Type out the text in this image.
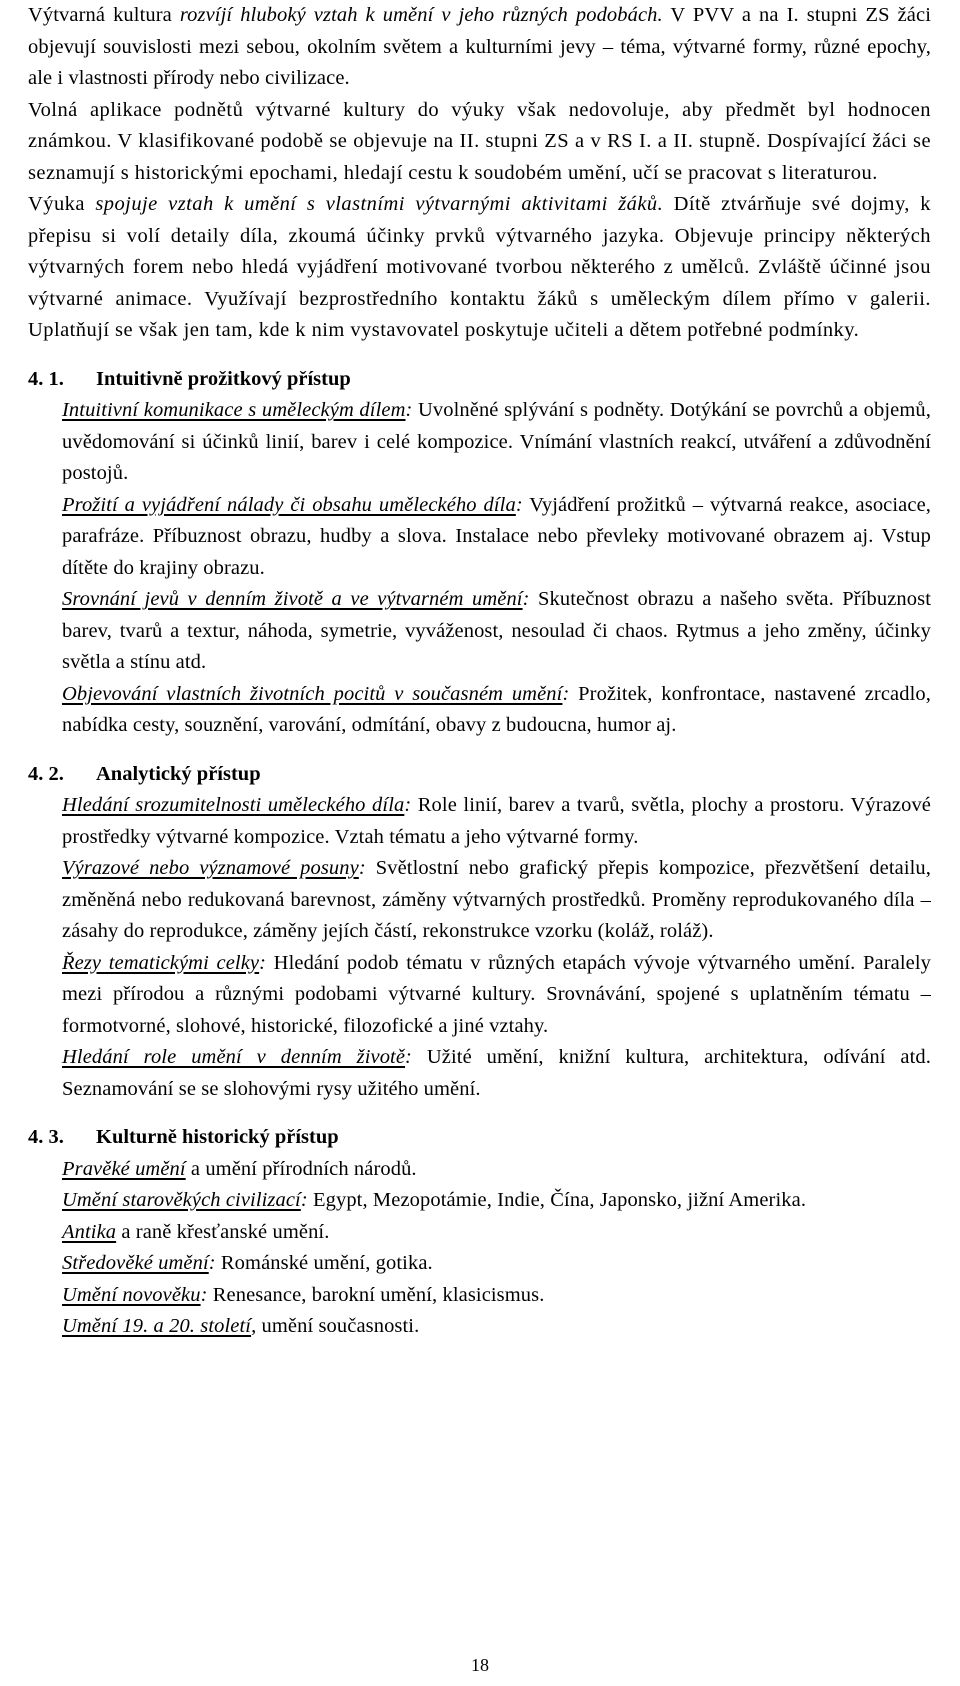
Výtvarná kultura rozvíjí hluboký vztah k umění v jeho různých podobách. V PVV a na I. stupni ZS žáci objevují souvislosti mezi sebou, okolním světem a kulturními jevy – téma, výtvarné formy, různé epochy, ale i vlastnosti přírody nebo civilizace.

Volná aplikace podnětů výtvarné kultury do výuky však nedovoluje, aby předmět byl hodnocen známkou. V klasifikované podobě se objevuje na II. stupni ZS a v RS I. a II. stupně. Dospívající žáci se seznamují s historickými epochami, hledají cestu k soudobém umění, učí se pracovat s literaturou.

Výuka spojuje vztah k umění s vlastními výtvarnými aktivitami žáků. Dítě ztvárňuje své dojmy, k přepisu si volí detaily díla, zkoumá účinky prvků výtvarného jazyka. Objevuje principy některých výtvarných forem nebo hledá vyjádření motivované tvorbou některého z umělců. Zvláště účinné jsou výtvarné animace. Využívají bezprostředního kontaktu žáků s uměleckým dílem přímo v galerii. Uplatňují se však jen tam, kde k nim vystavovatel poskytuje učiteli a dětem potřebné podmínky.

4. 1.	Intuitivně prožitkový přístup

Intuitivní komunikace s uměleckým dílem: Uvolněné splývání s podněty. Dotýkání se povrchů a objemů, uvědomování si účinků linií, barev i celé kompozice. Vnímání vlastních reakcí, utváření a zdůvodnění postojů.

Prožití a vyjádření nálady či obsahu uměleckého díla: Vyjádření prožitků – výtvarná reakce, asociace, parafráze. Příbuznost obrazu, hudby a slova. Instalace nebo převleky motivované obrazem aj. Vstup dítěte do krajiny obrazu.

Srovnání jevů v denním životě a ve výtvarném umění: Skutečnost obrazu a našeho světa. Příbuznost barev, tvarů a textur, náhoda, symetrie, vyváženost, nesoulad či chaos. Rytmus a jeho změny, účinky světla a stínu atd.

Objevování vlastních životních pocitů v současném umění: Prožitek, konfrontace, nastavené zrcadlo, nabídka cesty, souznění, varování, odmítání, obavy z budoucna, humor aj.

4. 2.	Analytický přístup

Hledání srozumitelnosti uměleckého díla: Role linií, barev a tvarů, světla, plochy a prostoru. Výrazové prostředky výtvarné kompozice. Vztah tématu a jeho výtvarné formy.

Výrazové nebo významové posuny: Světlostní nebo grafický přepis kompozice, přezvětšení detailu, změněná nebo redukovaná barevnost, záměny výtvarných prostředků. Proměny reprodukovaného díla – zásahy do reprodukce, záměny jejích částí, rekonstrukce vzorku (koláž, roláž).

Řezy tematickými celky: Hledání podob tématu v různých etapách vývoje výtvarného umění. Paralely mezi přírodou a různými podobami výtvarné kultury. Srovnávání, spojené s uplatněním tématu – formotvorné, slohové, historické, filozofické a jiné vztahy.

Hledání role umění v denním životě: Užité umění, knižní kultura, architektura, odívání atd. Seznamování se se slohovými rysy užitého umění.

4. 3.	Kulturně historický přístup

Pravěké umění a umění přírodních národů.

Umění starověkých civilizací: Egypt, Mezopotámie, Indie, Čína, Japonsko, jižní Amerika.

Antika a raně křesťanské umění.

Středověké umění: Románské umění, gotika.

Umění novověku: Renesance, barokní umění, klasicismus.

Umění 19. a 20. století, umění současnosti.

18
